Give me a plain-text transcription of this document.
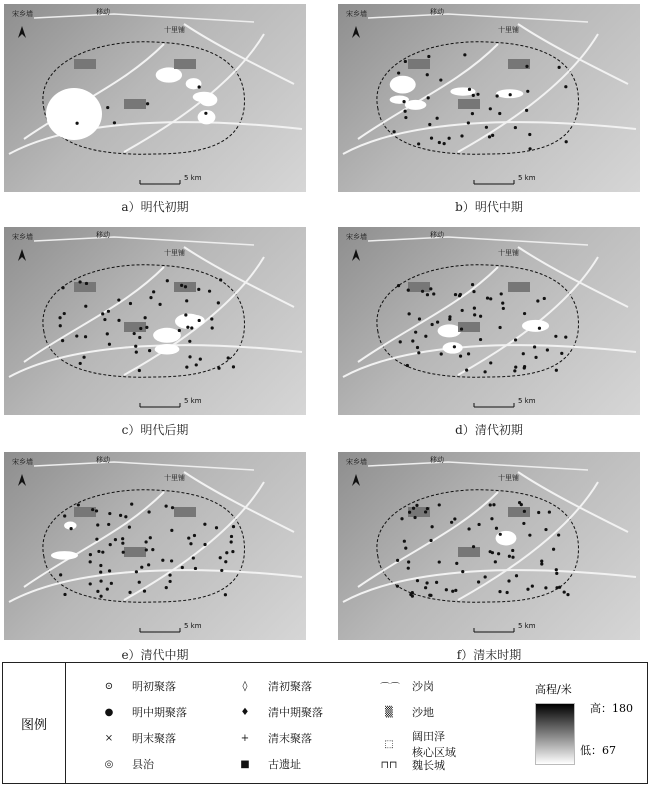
宋乡墙	移动
十里铺
5 km
a）明代初期
宋乡墙	移动
十里铺
5 km
b）明代中期
宋乡墙	移动
十里铺
5 km
c）明代后期
宋乡墙	移动
十里铺
5 km
d）清代初期
宋乡墙	移动
十里铺
5 km
e）清代中期
宋乡墙	移动
十里铺
5 km
f）清末时期
图例
⊙	明初聚落
●	明中期聚落
×	明末聚落
◎	县治
◊	清初聚落
♦	清中期聚落
+	清末聚落
■	古遗址
⌒⌒ 沙岗
▒	沙地
⬚
阔田泽
核心区域
⊓⊓ 魏长城
高程/米
高：180
低：67
